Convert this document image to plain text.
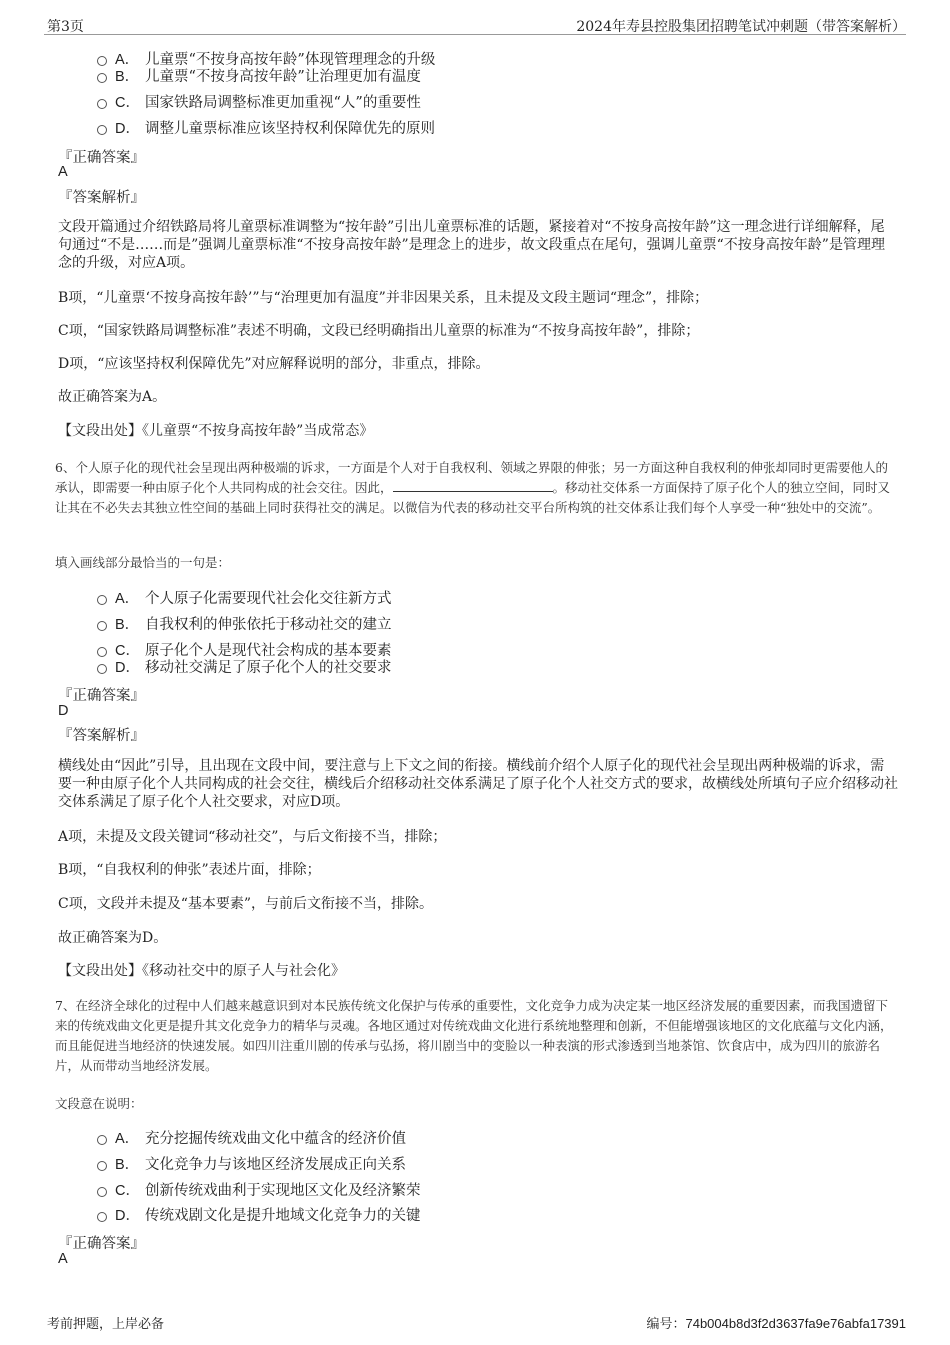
第3页	2024年寿县控股集团招聘笔试冲刺题（带答案解析）
A． 儿童票“不按身高按年龄”体现管理理念的升级
B． 儿童票“不按身高按年龄”让治理更加有温度
C． 国家铁路局调整标准更加重视“人”的重要性
D． 调整儿童票标准应该坚持权利保障优先的原则
『正确答案』
A
『答案解析』
文段开篇通过介绍铁路局将儿童票标准调整为“按年龄”引出儿童票标准的话题，紧接着对“不按身高按年龄”这一理念进行详细解释，尾句通过“不是……而是”强调儿童票标准“不按身高按年龄”是理念上的进步，故文段重点在尾句，强调儿童票“不按身高按年龄”是管理理念的升级，对应A项。
B项，“儿童票‘不按身高按年龄’”与“治理更加有温度”并非因果关系，且未提及文段主题词“理念”，排除；
C项，“国家铁路局调整标准”表述不明确，文段已经明确指出儿童票的标准为“不按身高按年龄”，排除；
D项，“应该坚持权利保障优先”对应解释说明的部分，非重点，排除。
故正确答案为A。
【文段出处】《儿童票“不按身高按年龄”当成常态》
6、个人原子化的现代社会呈现出两种极端的诉求，一方面是个人对于自我权利、领域之界限的伸张；另一方面这种自我权利的伸张却同时更需要他人的承认，即需要一种由原子化个人共同构成的社会交往。因此，	。移动社交体系一方面保持了原子化个人的独立空间，同时又让其在不必失去其独立性空间的基础上同时获得社交的满足。以微信为代表的移动社交平台所构筑的社交体系让我们每个人享受一种“独处中的交流”。
填入画线部分最恰当的一句是：
A． 个人原子化需要现代社会化交往新方式
B． 自我权利的伸张依托于移动社交的建立
C． 原子化个人是现代社会构成的基本要素
D． 移动社交满足了原子化个人的社交要求
『正确答案』
D
『答案解析』
横线处由“因此”引导，且出现在文段中间，要注意与上下文之间的衔接。横线前介绍个人原子化的现代社会呈现出两种极端的诉求，需要一种由原子化个人共同构成的社会交往，横线后介绍移动社交体系满足了原子化个人社交方式的要求，故横线处所填句子应介绍移动社交体系满足了原子化个人社交要求，对应D项。
A项，未提及文段关键词“移动社交”，与后文衔接不当，排除；
B项，“自我权利的伸张”表述片面，排除；
C项，文段并未提及“基本要素”，与前后文衔接不当，排除。
故正确答案为D。
【文段出处】《移动社交中的原子人与社会化》
7、在经济全球化的过程中人们越来越意识到对本民族传统文化保护与传承的重要性，文化竞争力成为决定某一地区经济发展的重要因素，而我国遗留下来的传统戏曲文化更是提升其文化竞争力的精华与灵魂。各地区通过对传统戏曲文化进行系统地整理和创新，不但能增强该地区的文化底蕴与文化内涵，而且能促进当地经济的快速发展。如四川注重川剧的传承与弘扬，将川剧当中的变脸以一种表演的形式渗透到当地茶馆、饮食店中，成为四川的旅游名片，从而带动当地经济发展。
文段意在说明：
A． 充分挖掘传统戏曲文化中蕴含的经济价值
B． 文化竞争力与该地区经济发展成正向关系
C． 创新传统戏曲利于实现地区文化及经济繁荣
D． 传统戏剧文化是提升地域文化竞争力的关键
『正确答案』
A
考前押题，上岸必备	编号：74b004b8d3f2d3637fa9e76abfa17391
